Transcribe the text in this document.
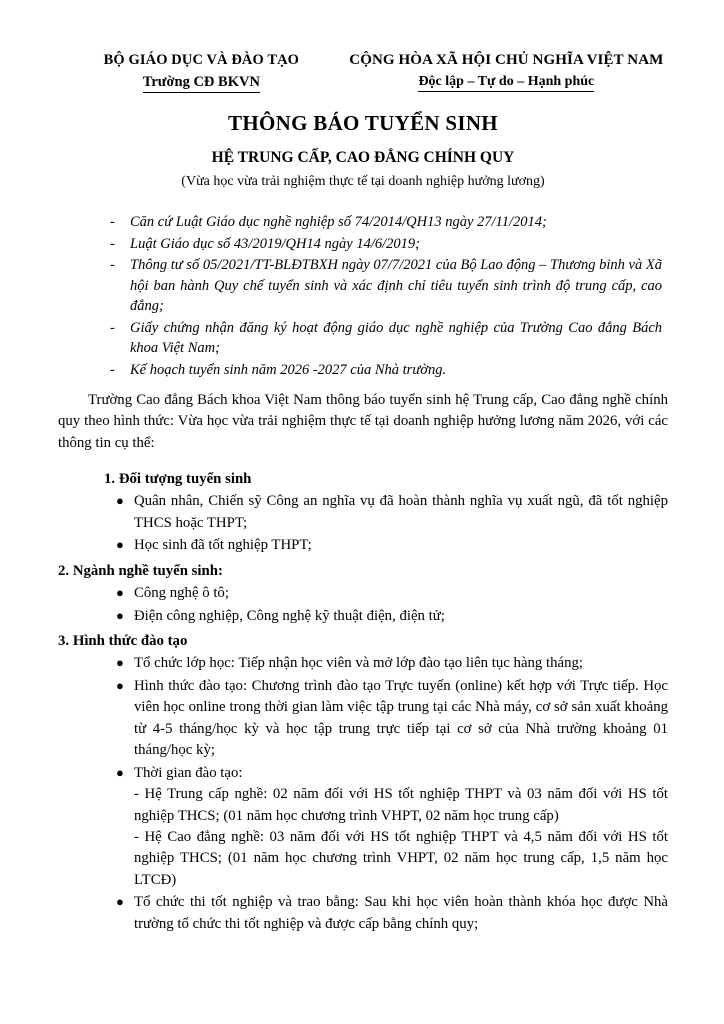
BỘ GIÁO DỤC VÀ ĐÀO TẠO
Trường CĐ BKVN
CỘNG HÒA XÃ HỘI CHỦ NGHĨA VIỆT NAM
Độc lập – Tự do – Hạnh phúc
THÔNG BÁO TUYỂN SINH
HỆ TRUNG CẤP, CAO ĐẲNG CHÍNH QUY
(Vừa học vừa trải nghiệm thực tế tại doanh nghiệp hưởng lương)
-	Căn cứ Luật Giáo dục nghề nghiệp số 74/2014/QH13 ngày 27/11/2014;
-	Luật Giáo dục số 43/2019/QH14 ngày 14/6/2019;
-	Thông tư số 05/2021/TT-BLĐTBXH ngày 07/7/2021 của Bộ Lao động – Thương binh và Xã hội ban hành Quy chế tuyển sinh và xác định chỉ tiêu tuyển sinh trình độ trung cấp, cao đẳng;
-	Giấy chứng nhận đăng ký hoạt động giáo dục nghề nghiệp của Trường Cao đẳng Bách khoa Việt Nam;
-	Kế hoạch tuyển sinh năm 2026 -2027 của Nhà trường.

Trường Cao đẳng Bách khoa Việt Nam thông báo tuyển sinh hệ Trung cấp, Cao đẳng nghề chính quy theo hình thức: Vừa học vừa trải nghiệm thực tế tại doanh nghiệp hưởng lương năm 2026, với các thông tin cụ thể:

1. Đối tượng tuyển sinh
● Quân nhân, Chiến sỹ Công an nghĩa vụ đã hoàn thành nghĩa vụ xuất ngũ, đã tốt nghiệp THCS hoặc THPT;
● Học sinh đã tốt nghiệp THPT;
2. Ngành nghề tuyển sinh:
● Công nghệ ô tô;
● Điện công nghiệp, Công nghệ kỹ thuật điện, điện tử;
3. Hình thức đào tạo
● Tổ chức lớp học: Tiếp nhận học viên và mở lớp đào tạo liên tục hàng tháng;
● Hình thức đào tạo: Chương trình đào tạo Trực tuyến (online) kết hợp với Trực tiếp. Học viên học online trong thời gian làm việc tập trung tại các Nhà máy, cơ sở sản xuất khoảng từ 4-5 tháng/học kỳ và học tập trung trực tiếp tại cơ sở của Nhà trường khoảng 01 tháng/học kỳ;
● Thời gian đào tạo:
- Hệ Trung cấp nghề: 02 năm đối với HS tốt nghiệp THPT và 03 năm đối với HS tốt nghiệp THCS; (01 năm học chương trình VHPT, 02 năm học trung cấp)
- Hệ Cao đẳng nghề: 03 năm đối với HS tốt nghiệp THPT và 4,5 năm đối với HS tốt nghiệp THCS; (01 năm học chương trình VHPT, 02 năm học trung cấp, 1,5 năm học LTCĐ)
● Tổ chức thi tốt nghiệp và trao bằng: Sau khi học viên hoàn thành khóa học được Nhà trường tổ chức thi tốt nghiệp và được cấp bằng chính quy;
